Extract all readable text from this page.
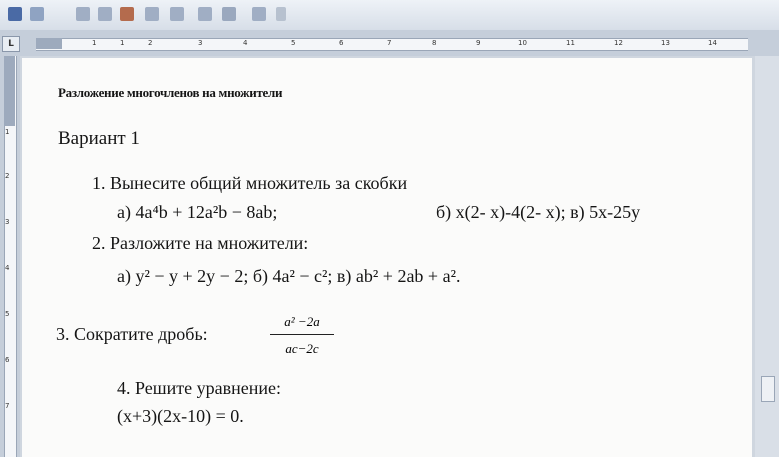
L	1	1	2	3	4	5	6	7	8	9	10	11	12	13	14
1
2
3
4
5
6
7
Разложение многочленов на множители
Вариант 1
1. Вынесите общий множитель за скобки
а) 4a⁴b + 12a²b − 8ab;	б) x(2- x)-4(2- x); в) 5x-25y
2. Разложите на множители:
а) y² − y + 2y − 2; б) 4a² − c²; в) ab² + 2ab + a².
3. Сократите дробь:	$\frac{\text{a² −2a}}{ac-2c}$
4. Решите уравнение:
(x+3)(2x-10) = 0.
